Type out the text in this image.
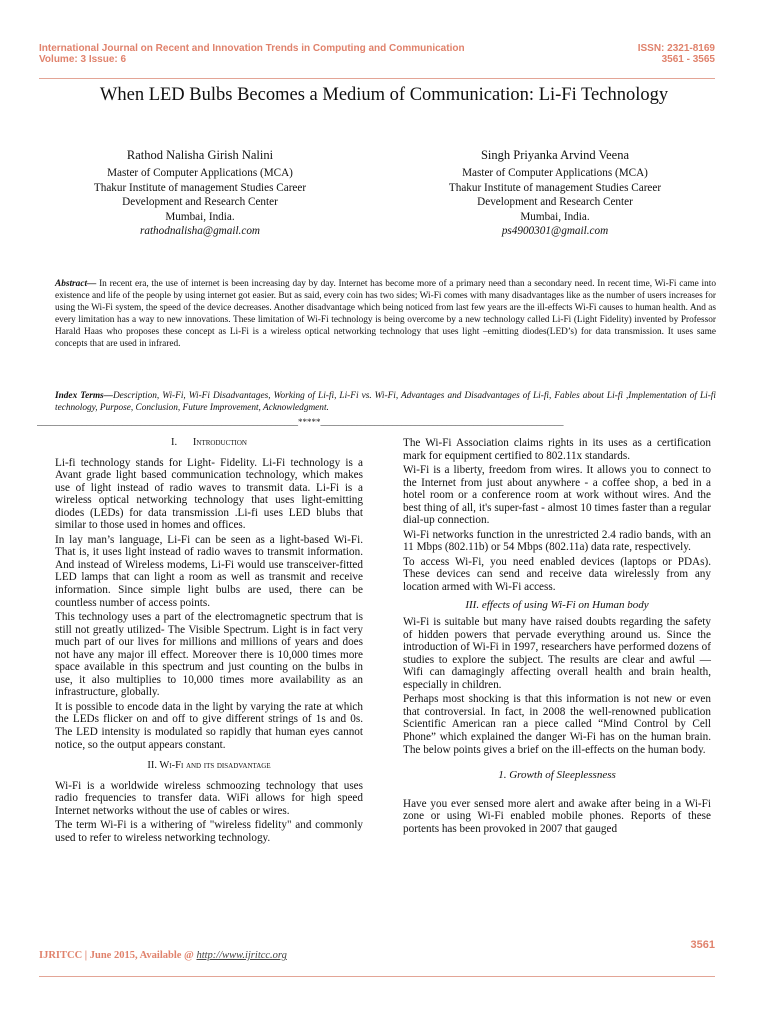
International Journal on Recent and Innovation Trends in Computing and Communication
Volume: 3 Issue: 6
ISSN: 2321-8169
3561 - 3565
When LED Bulbs Becomes a Medium of Communication: Li-Fi Technology
Rathod Nalisha Girish Nalini
Master of Computer Applications (MCA)
Thakur Institute of management Studies Career
Development and Research Center
Mumbai, India.
rathodnalisha@gmail.com
Singh Priyanka Arvind Veena
Master of Computer Applications (MCA)
Thakur Institute of management Studies Career
Development and Research Center
Mumbai, India.
ps4900301@gmail.com
Abstract— In recent era, the use of internet is been increasing day by day. Internet has become more of a primary need than a secondary need. In recent time, Wi-Fi came into existence and life of the people by using internet got easier. But as said, every coin has two sides; Wi-Fi comes with many disadvantages like as the number of users increases for using the Wi-Fi system, the speed of the device decreases. Another disadvantage which being noticed from last few years are the ill-effects Wi-Fi causes to human health. And as every limitation has a way to new innovations. These limitation of Wi-Fi technology is being overcome by a new technology called Li-Fi (Light Fidelity) invented by Professor Harald Haas who proposes these concept as Li-Fi is a wireless optical networking technology that uses light –emitting diodes(LED’s) for data transmission. It uses same concepts that are used in infrared.
Index Terms—Description, Wi-Fi, Wi-Fi Disadvantages, Working of Li-fi, Li-Fi vs. Wi-Fi, Advantages and Disadvantages of Li-fi, Fables about Li-fi ,Implementation of Li-fi technology, Purpose, Conclusion, Future Improvement, Acknowledgment.
__________________________________________________________*****______________________________________________________
I. Introduction

Li-fi technology stands for Light- Fidelity. Li-Fi technology is a Avant grade light based communication technology, which makes use of light instead of radio waves to transmit data. Li-Fi is a wireless optical networking technology that uses light-emitting diodes (LEDs) for data transmission .Li-fi uses LED blubs that similar to those used in homes and offices.

In lay man’s language, Li-Fi can be seen as a light-based Wi-Fi. That is, it uses light instead of radio waves to transmit information. And instead of Wireless modems, Li-Fi would use transceiver-fitted LED lamps that can light a room as well as transmit and receive information. Since simple light bulbs are used, there can be countless number of access points.

This technology uses a part of the electromagnetic spectrum that is still not greatly utilized- The Visible Spectrum. Light is in fact very much part of our lives for millions and millions of years and does not have any major ill effect. Moreover there is 10,000 times more space available in this spectrum and just counting on the bulbs in use, it also multiplies to 10,000 times more availability as an infrastructure, globally.

It is possible to encode data in the light by varying the rate at which the LEDs flicker on and off to give different strings of 1s and 0s. The LED intensity is modulated so rapidly that human eyes cannot notice, so the output appears constant.

II. Wi-Fi and its disadvantage

Wi-Fi is a worldwide wireless schmoozing technology that uses radio frequencies to transfer data. WiFi allows for high speed Internet networks without the use of cables or wires.

The term Wi-Fi is a withering of "wireless fidelity" and commonly used to refer to wireless networking technology.

The Wi-Fi Association claims rights in its uses as a certification mark for equipment certified to 802.11x standards.

Wi-Fi is a liberty, freedom from wires. It allows you to connect to the Internet from just about anywhere - a coffee shop, a bed in a hotel room or a conference room at work without wires. And the best thing of all, it's super-fast - almost 10 times faster than a regular dial-up connection.

Wi-Fi networks function in the unrestricted 2.4 radio bands, with an 11 Mbps (802.11b) or 54 Mbps (802.11a) data rate, respectively.

To access Wi-Fi, you need enabled devices (laptops or PDAs). These devices can send and receive data wirelessly from any location armed with Wi-Fi access.

III. effects of using Wi-Fi on Human body

Wi-Fi is suitable but many have raised doubts regarding the safety of hidden powers that pervade everything around us. Since the introduction of Wi-Fi in 1997, researchers have performed dozens of studies to explore the subject. The results are clear and awful — Wifi can damagingly affecting overall health and brain health, especially in children.

Perhaps most shocking is that this information is not new or even that controversial. In fact, in 2008 the well-renowned publication Scientific American ran a piece called “Mind Control by Cell Phone” which explained the danger Wi-Fi has on the human brain. The below points gives a brief on the ill-effects on the human body.

1. Growth of Sleeplessness

Have you ever sensed more alert and awake after being in a Wi-Fi zone or using Wi-Fi enabled mobile phones. Reports of these portents has been provoked in 2007 that gauged

3561
IJRITCC | June 2015, Available @ http://www.ijritcc.org
